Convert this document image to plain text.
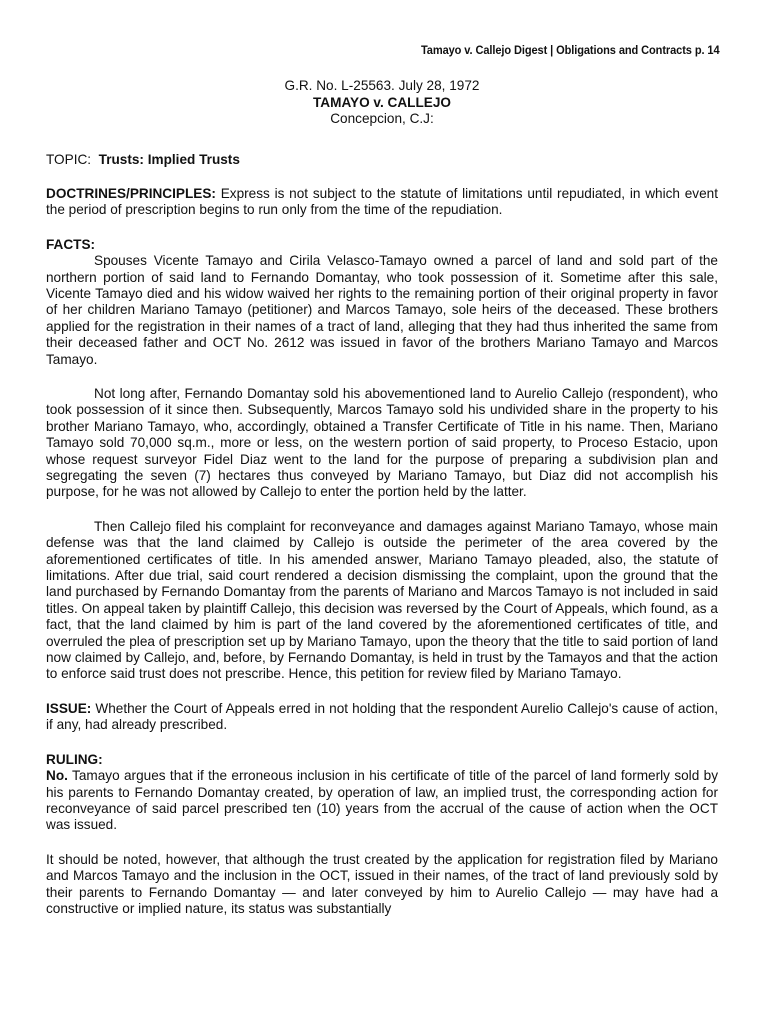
Tamayo v. Callejo Digest | Obligations and Contracts p. 14
G.R. No. L-25563. July 28, 1972
TAMAYO v. CALLEJO
Concepcion, C.J:

TOPIC: Trusts: Implied Trusts

DOCTRINES/PRINCIPLES: Express is not subject to the statute of limitations until repudiated, in which event the period of prescription begins to run only from the time of the repudiation.

FACTS:

Spouses Vicente Tamayo and Cirila Velasco-Tamayo owned a parcel of land and sold part of the northern portion of said land to Fernando Domantay, who took possession of it. Sometime after this sale, Vicente Tamayo died and his widow waived her rights to the remaining portion of their original property in favor of her children Mariano Tamayo (petitioner) and Marcos Tamayo, sole heirs of the deceased. These brothers applied for the registration in their names of a tract of land, alleging that they had thus inherited the same from their deceased father and OCT No. 2612 was issued in favor of the brothers Mariano Tamayo and Marcos Tamayo.

Not long after, Fernando Domantay sold his abovementioned land to Aurelio Callejo (respondent), who took possession of it since then. Subsequently, Marcos Tamayo sold his undivided share in the property to his brother Mariano Tamayo, who, accordingly, obtained a Transfer Certificate of Title in his name. Then, Mariano Tamayo sold 70,000 sq.m., more or less, on the western portion of said property, to Proceso Estacio, upon whose request surveyor Fidel Diaz went to the land for the purpose of preparing a subdivision plan and segregating the seven (7) hectares thus conveyed by Mariano Tamayo, but Diaz did not accomplish his purpose, for he was not allowed by Callejo to enter the portion held by the latter.

Then Callejo filed his complaint for reconveyance and damages against Mariano Tamayo, whose main defense was that the land claimed by Callejo is outside the perimeter of the area covered by the aforementioned certificates of title. In his amended answer, Mariano Tamayo pleaded, also, the statute of limitations. After due trial, said court rendered a decision dismissing the complaint, upon the ground that the land purchased by Fernando Domantay from the parents of Mariano and Marcos Tamayo is not included in said titles. On appeal taken by plaintiff Callejo, this decision was reversed by the Court of Appeals, which found, as a fact, that the land claimed by him is part of the land covered by the aforementioned certificates of title, and overruled the plea of prescription set up by Mariano Tamayo, upon the theory that the title to said portion of land now claimed by Callejo, and, before, by Fernando Domantay, is held in trust by the Tamayos and that the action to enforce said trust does not prescribe. Hence, this petition for review filed by Mariano Tamayo.

ISSUE: Whether the Court of Appeals erred in not holding that the respondent Aurelio Callejo's cause of action, if any, had already prescribed.

RULING:

No. Tamayo argues that if the erroneous inclusion in his certificate of title of the parcel of land formerly sold by his parents to Fernando Domantay created, by operation of law, an implied trust, the corresponding action for reconveyance of said parcel prescribed ten (10) years from the accrual of the cause of action when the OCT was issued.

It should be noted, however, that although the trust created by the application for registration filed by Mariano and Marcos Tamayo and the inclusion in the OCT, issued in their names, of the tract of land previously sold by their parents to Fernando Domantay — and later conveyed by him to Aurelio Callejo — may have had a constructive or implied nature, its status was substantially
